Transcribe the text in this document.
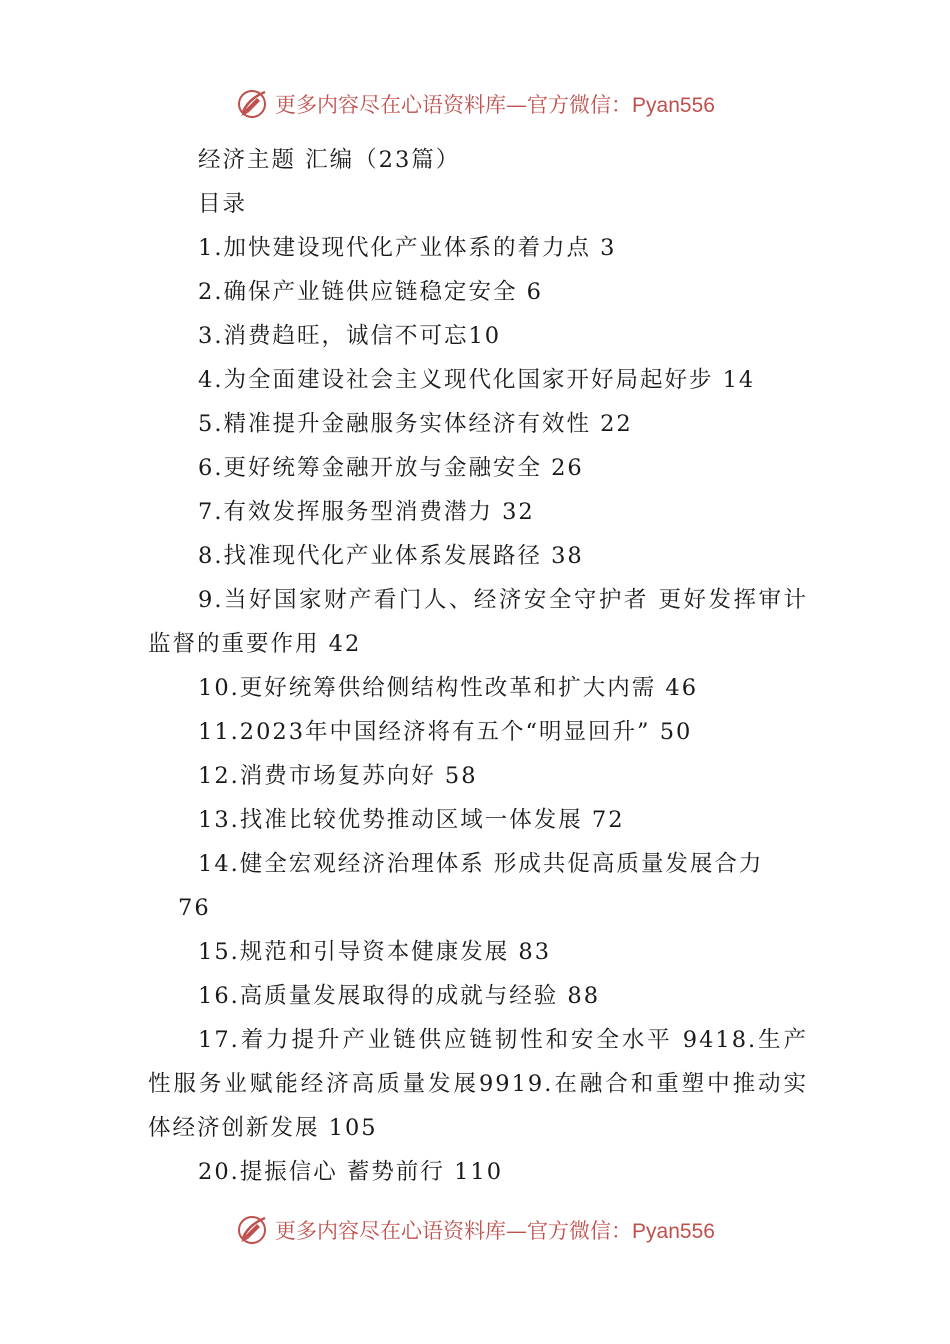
更多内容尽在心语资料库—官方微信：Pyan556
经济主题 汇编（23篇）
目录
1.加快建设现代化产业体系的着力点 3
2.确保产业链供应链稳定安全 6
3.消费趋旺，诚信不可忘10
4.为全面建设社会主义现代化国家开好局起好步 14
5.精准提升金融服务实体经济有效性 22
6.更好统筹金融开放与金融安全 26
7.有效发挥服务型消费潜力 32
8.找准现代化产业体系发展路径 38
9.当好国家财产看门人、经济安全守护者 更好发挥审计监督的重要作用 42
10.更好统筹供给侧结构性改革和扩大内需 46
11.2023年中国经济将有五个“明显回升” 50
12.消费市场复苏向好 58
13.找准比较优势推动区域一体发展 72
14.健全宏观经济治理体系 形成共促高质量发展合力
76
15.规范和引导资本健康发展 83
16.高质量发展取得的成就与经验 88
17.着力提升产业链供应链韧性和安全水平 9418.生产性服务业赋能经济高质量发展9919.在融合和重塑中推动实体经济创新发展 105
20.提振信心 蓄势前行 110
更多内容尽在心语资料库—官方微信：Pyan556
